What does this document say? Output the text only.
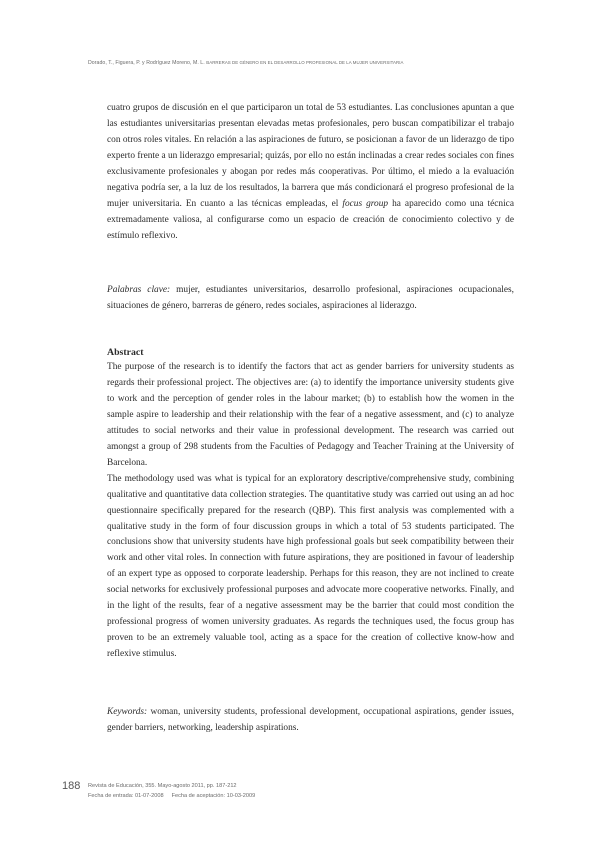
Dorado, T., Figuera, P. y Rodríguez Moreno, M. L. BARRERAS DE GÉNERO EN EL DESARROLLO PROFESIONAL DE LA MUJER UNIVERSITARIA

cuatro grupos de discusión en el que participaron un total de 53 estudiantes. Las conclusiones apuntan a que las estudiantes universitarias presentan elevadas metas profesionales, pero buscan compatibilizar el trabajo con otros roles vitales. En relación a las aspiraciones de futuro, se posicionan a favor de un liderazgo de tipo experto frente a un liderazgo empresarial; quizás, por ello no están inclinadas a crear redes sociales con fines exclusivamente profesionales y abogan por redes más cooperativas. Por último, el miedo a la evaluación negativa podría ser, a la luz de los resultados, la barrera que más condicionará el progreso profesional de la mujer universitaria. En cuanto a las técnicas empleadas, el focus group ha aparecido como una técnica extremadamente valiosa, al configurarse como un espacio de creación de conocimiento colectivo y de estímulo reflexivo.

Palabras clave: mujer, estudiantes universitarios, desarrollo profesional, aspiraciones ocupacionales, situaciones de género, barreras de género, redes sociales, aspiraciones al liderazgo.

Abstract

The purpose of the research is to identify the factors that act as gender barriers for university students as regards their professional project. The objectives are: (a) to identify the importance university students give to work and the perception of gender roles in the labour market; (b) to establish how the women in the sample aspire to leadership and their relationship with the fear of a negative assessment, and (c) to analyze attitudes to social networks and their value in professional development. The research was carried out amongst a group of 298 students from the Faculties of Pedagogy and Teacher Training at the University of Barcelona.

The methodology used was what is typical for an exploratory descriptive/comprehensive study, combining qualitative and quantitative data collection strategies. The quantitative study was carried out using an ad hoc questionnaire specifically prepared for the research (QBP). This first analysis was complemented with a qualitative study in the form of four discussion groups in which a total of 53 students participated. The conclusions show that university students have high professional goals but seek compatibility between their work and other vital roles. In connection with future aspirations, they are positioned in favour of leadership of an expert type as opposed to corporate leadership. Perhaps for this reason, they are not inclined to create social networks for exclusively professional purposes and advocate more cooperative networks. Finally, and in the light of the results, fear of a negative assessment may be the barrier that could most condition the professional progress of women university graduates. As regards the techniques used, the focus group has proven to be an extremely valuable tool, acting as a space for the creation of collective know-how and reflexive stimulus.

Keywords: woman, university students, professional development, occupational aspirations, gender issues, gender barriers, networking, leadership aspirations.

188 Revista de Educación, 355. Mayo-agosto 2011, pp. 187-212
Fecha de entrada: 01-07-2008 Fecha de aceptación: 10-03-2009
